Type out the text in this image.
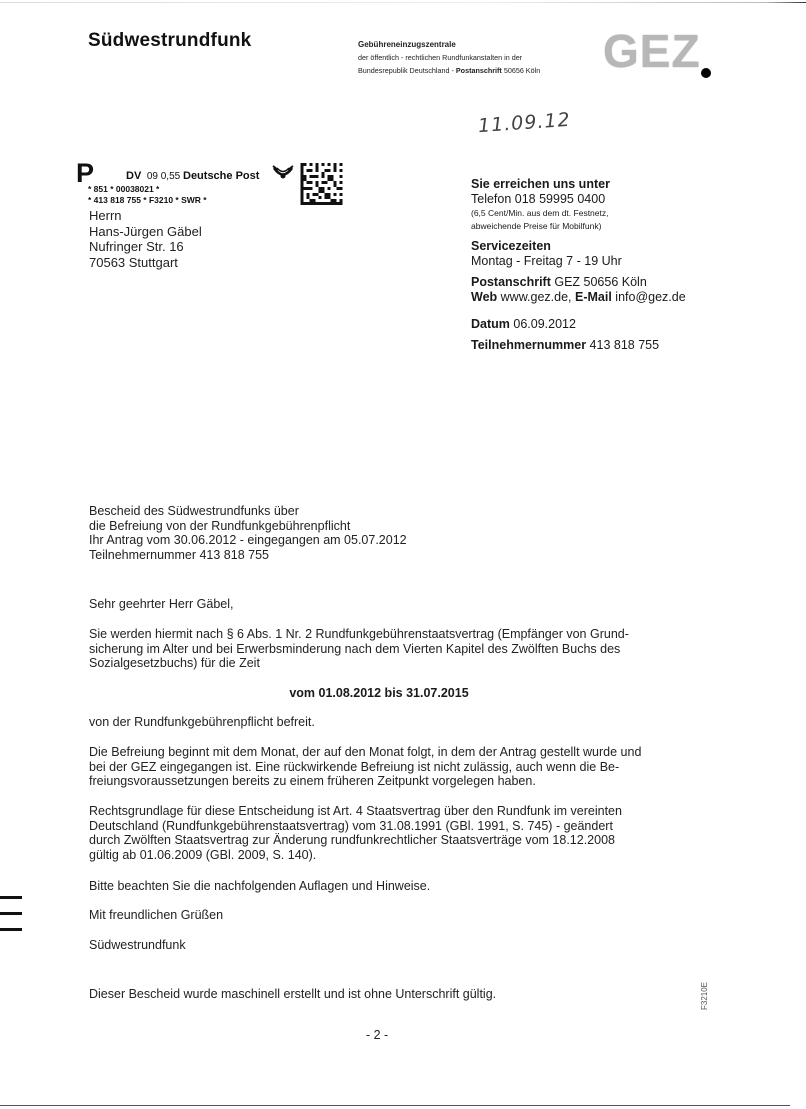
Südwestrundfunk	Gebühreneinzugszentrale
der öffentlich - rechtlichen Rundfunkanstalten in der
Bundesrepublik Deutschland - Postanschrift 50656 Köln GEZ
11.09.12
P	DV 09 0,55 Deutsche Post
* 851 * 00038021 *
* 413 818 755 * F3210 * SWR *
Herrn
Hans-Jürgen Gäbel
Nufringer Str. 16
70563 Stuttgart
Sie erreichen uns unter
Telefon 018 59995 0400
(6,5 Cent/Min. aus dem dt. Festnetz,
abweichende Preise für Mobilfunk)
Servicezeiten
Montag - Freitag 7 - 19 Uhr
Postanschrift GEZ 50656 Köln
Web www.gez.de, E-Mail info@gez.de
Datum 06.09.2012
Teilnehmernummer 413 818 755
Bescheid des Südwestrundfunks über
die Befreiung von der Rundfunkgebührenpflicht
Ihr Antrag vom 30.06.2012 - eingegangen am 05.07.2012
Teilnehmernummer 413 818 755
Sehr geehrter Herr Gäbel,
Sie werden hiermit nach § 6 Abs. 1 Nr. 2 Rundfunkgebührenstaatsvertrag (Empfänger von Grund-
sicherung im Alter und bei Erwerbsminderung nach dem Vierten Kapitel des Zwölften Buchs des
Sozialgesetzbuchs) für die Zeit
vom 01.08.2012 bis 31.07.2015
von der Rundfunkgebührenpflicht befreit.
Die Befreiung beginnt mit dem Monat, der auf den Monat folgt, in dem der Antrag gestellt wurde und
bei der GEZ eingegangen ist. Eine rückwirkende Befreiung ist nicht zulässig, auch wenn die Be-
freiungsvoraussetzungen bereits zu einem früheren Zeitpunkt vorgelegen haben.
Rechtsgrundlage für diese Entscheidung ist Art. 4 Staatsvertrag über den Rundfunk im vereinten
Deutschland (Rundfunkgebührenstaatsvertrag) vom 31.08.1991 (GBl. 1991, S. 745) - geändert
durch Zwölften Staatsvertrag zur Änderung rundfunkrechtlicher Staatsverträge vom 18.12.2008
gültig ab 01.06.2009 (GBl. 2009, S. 140).
Bitte beachten Sie die nachfolgenden Auflagen und Hinweise.
Mit freundlichen Grüßen
Südwestrundfunk
Dieser Bescheid wurde maschinell erstellt und ist ohne Unterschrift gültig.
- 2 -
F3210E
